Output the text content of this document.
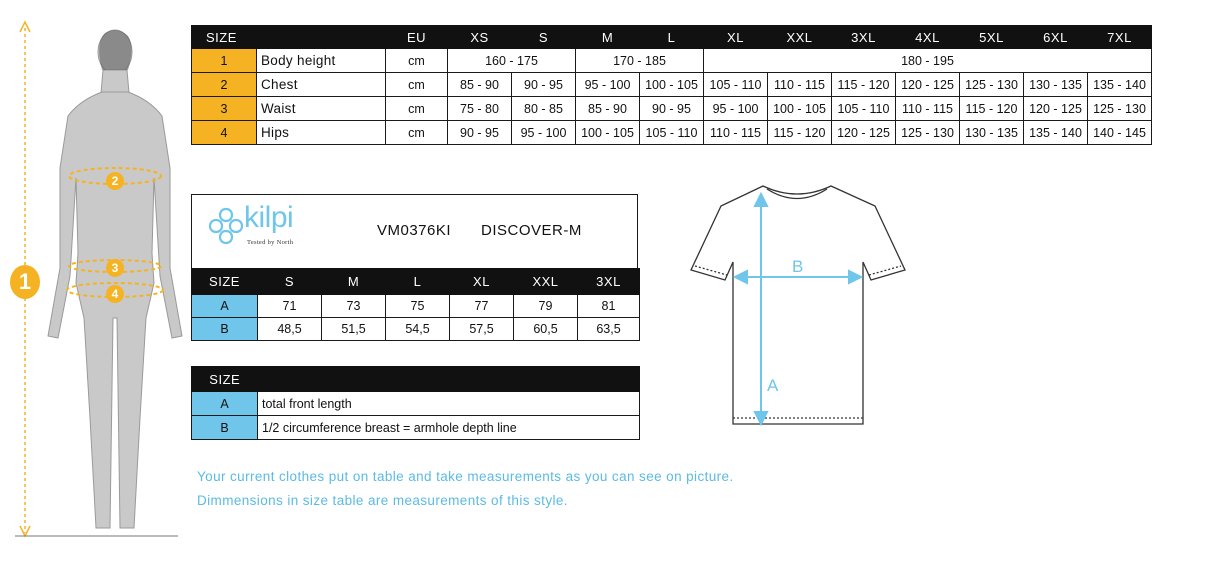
1
2
3
4
SIZE		EU	XS	S	M	L	XL	XXL	3XL	4XL	5XL	6XL	7XL
1	Body height	cm	160 - 175		170 - 185		180 - 195						
2	Chest	cm	85 - 90	90 - 95	95 - 100	100 - 105	105 - 110	110 - 115	115 - 120	120 - 125	125 - 130	130 - 135	135 - 140
3	Waist	cm	75 - 80	80 - 85	85 - 90	90 - 95	95 - 100	100 - 105	105 - 110	110 - 115	115 - 120	120 - 125	125 - 130
4	Hips	cm	90 - 95	95 - 100	100 - 105	105 - 110	110 - 115	115 - 120	120 - 125	125 - 130	130 - 135	135 - 140	140 - 145
kilpi
Tested by North
VM0376KI DISCOVER-M
SIZE	S	M	L	XL	XXL	3XL
A	71	73	75	77	79	81
B	48,5	51,5	54,5	57,5	60,5	63,5
SIZE	
A	total front length
B	1/2 circumference breast = armhole depth line
A
B
Your current clothes put on table and take measurements as you can see on picture.
Dimmensions in size table are measurements of this style.
